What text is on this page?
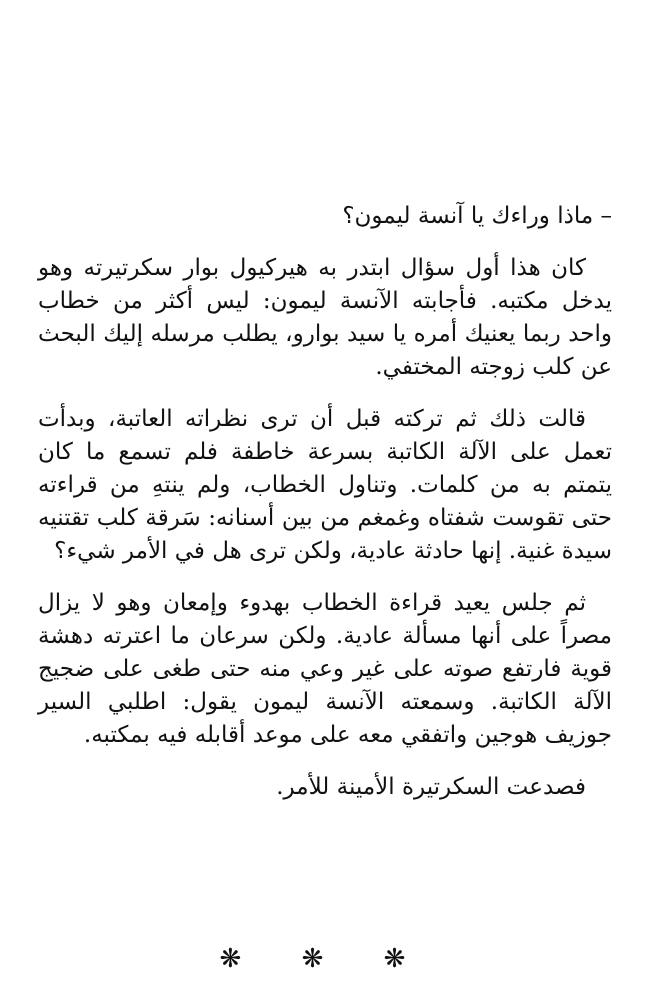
– ماذا وراءك يا آنسة ليمون؟

كان هذا أول سؤال ابتدر به هيركيول بوار سكرتيرته وهو يدخل مكتبه. فأجابته الآنسة ليمون: ليس أكثر من خطاب واحد ربما يعنيك أمره يا سيد بوارو، يطلب مرسله إليك البحث عن كلب زوجته المختفي.

قالت ذلك ثم تركته قبل أن ترى نظراته العاتبة، وبدأت تعمل على الآلة الكاتبة بسرعة خاطفة فلم تسمع ما كان يتمتم به من كلمات. وتناول الخطاب، ولم ينتهِ من قراءته حتى تقوست شفتاه وغمغم من بين أسنانه: سَرقة كلب تقتنيه سيدة غنية. إنها حادثة عادية، ولكن ترى هل في الأمر شيء؟

ثم جلس يعيد قراءة الخطاب بهدوء وإمعان وهو لا يزال مصراً على أنها مسألة عادية. ولكن سرعان ما اعترته دهشة قوية فارتفع صوته على غير وعي منه حتى طغى على ضجيج الآلة الكاتبة. وسمعته الآنسة ليمون يقول: اطلبي السير جوزيف هوجين واتفقي معه على موعد أقابله فيه بمكتبه.

فصدعت السكرتيرة الأمينة للأمر.

❋ ❋ ❋
